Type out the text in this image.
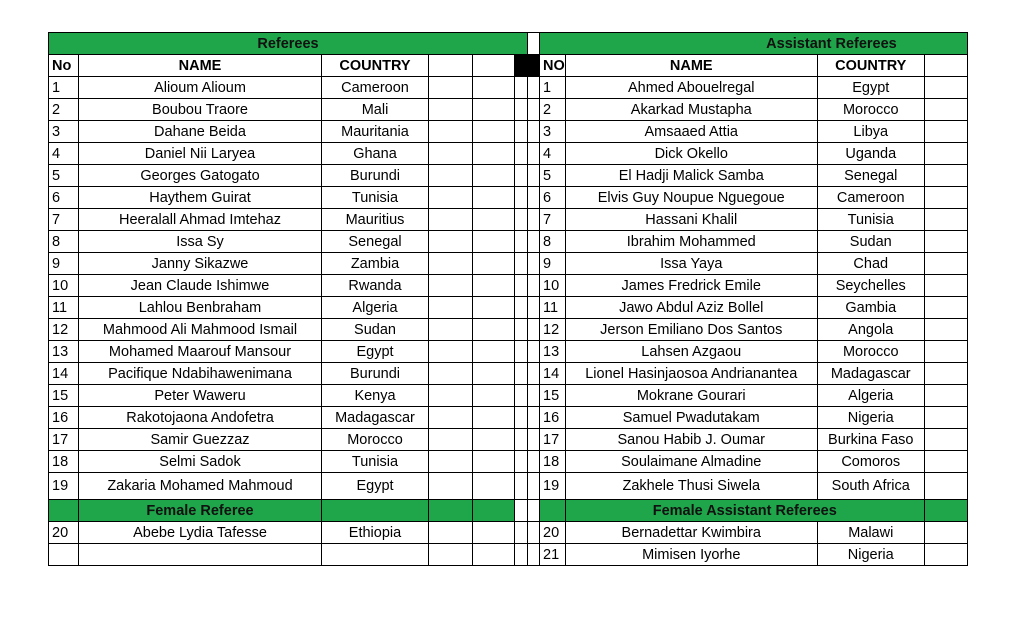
Referees							Assistant Referees			
No	NAME	COUNTRY					NO	NAME	COUNTRY	
1	Alioum Alioum	Cameroon					1	Ahmed Abouelregal	Egypt	
2	Boubou Traore	Mali					2	Akarkad Mustapha	Morocco	
3	Dahane Beida	Mauritania					3	Amsaaed Attia	Libya	
4	Daniel Nii Laryea	Ghana					4	Dick Okello	Uganda	
5	Georges Gatogato	Burundi					5	El Hadji Malick Samba	Senegal	
6	Haythem Guirat	Tunisia					6	Elvis Guy Noupue Nguegoue	Cameroon	
7	Heeralall Ahmad Imtehaz	Mauritius					7	Hassani Khalil	Tunisia	
8	Issa Sy	Senegal					8	Ibrahim Mohammed	Sudan	
9	Janny Sikazwe	Zambia					9	Issa Yaya	Chad	
10	Jean Claude Ishimwe	Rwanda					10	James Fredrick Emile	Seychelles	
11	Lahlou Benbraham	Algeria					11	Jawo Abdul Aziz Bollel	Gambia	
12	Mahmood Ali Mahmood Ismail	Sudan					12	Jerson Emiliano Dos Santos	Angola	
13	Mohamed Maarouf Mansour	Egypt					13	Lahsen Azgaou	Morocco	
14	Pacifique Ndabihawenimana	Burundi					14	Lionel Hasinjaosoa Andrianantea	Madagascar	
15	Peter Waweru	Kenya					15	Mokrane Gourari	Algeria	
16	Rakotojaona Andofetra	Madagascar					16	Samuel Pwadutakam	Nigeria	
17	Samir Guezzaz	Morocco					17	Sanou Habib J. Oumar	Burkina Faso	
18	Selmi Sadok	Tunisia					18	Soulaimane Almadine	Comoros	
19	Zakaria Mohamed Mahmoud	Egypt					19	Zakhele Thusi Siwela	South Africa	
	Female Referee							Female Assistant Referees		
20	Abebe Lydia Tafesse	Ethiopia					20	Bernadettar Kwimbira	Malawi	
							21	Mimisen Iyorhe	Nigeria	
